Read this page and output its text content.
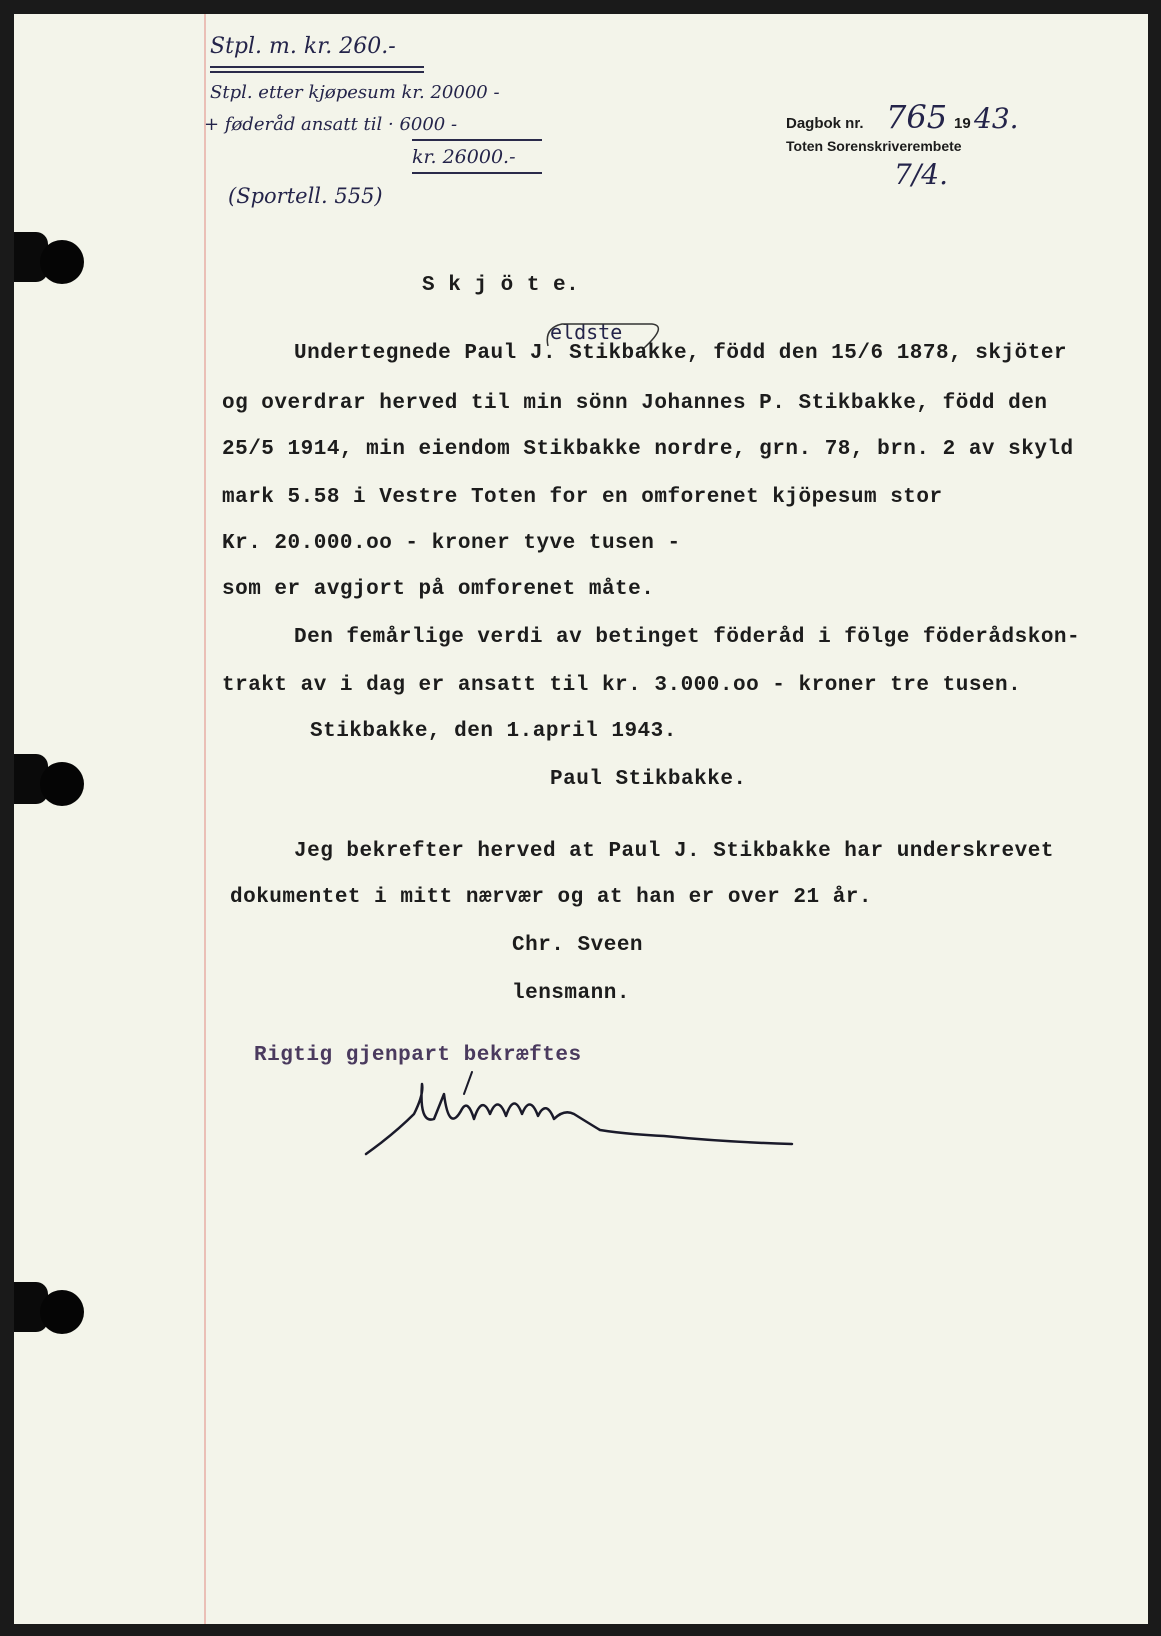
Stpl. m. kr. 260.-
Stpl. etter kjøpesum kr. 20000 -
+ føderåd ansatt til · 6000 -
kr. 26000.-
(Sportell. 555)
Dagbok nr. 765 19 43.
Toten Sorenskriverembete
7/4.
S k j ö t e.
eldste
Undertegnede Paul J. Stikbakke, född den 15/6 1878, skjöter
og overdrar herved til min sönn Johannes P. Stikbakke, född den
25/5 1914, min eiendom Stikbakke nordre, grn. 78, brn. 2 av skyld
mark 5.58 i Vestre Toten for en omforenet kjöpesum stor
Kr. 20.000.oo - kroner tyve tusen -
som er avgjort på omforenet måte.
Den femårlige verdi av betinget föderåd i fölge föderådskon-
trakt av i dag er ansatt til kr. 3.000.oo - kroner tre tusen.
Stikbakke, den 1.april 1943.
Paul Stikbakke.
Jeg bekrefter herved at Paul J. Stikbakke har underskrevet
dokumentet i mitt nærvær og at han er over 21 år.
Chr. Sveen
lensmann.
Rigtig gjenpart bekræftes
